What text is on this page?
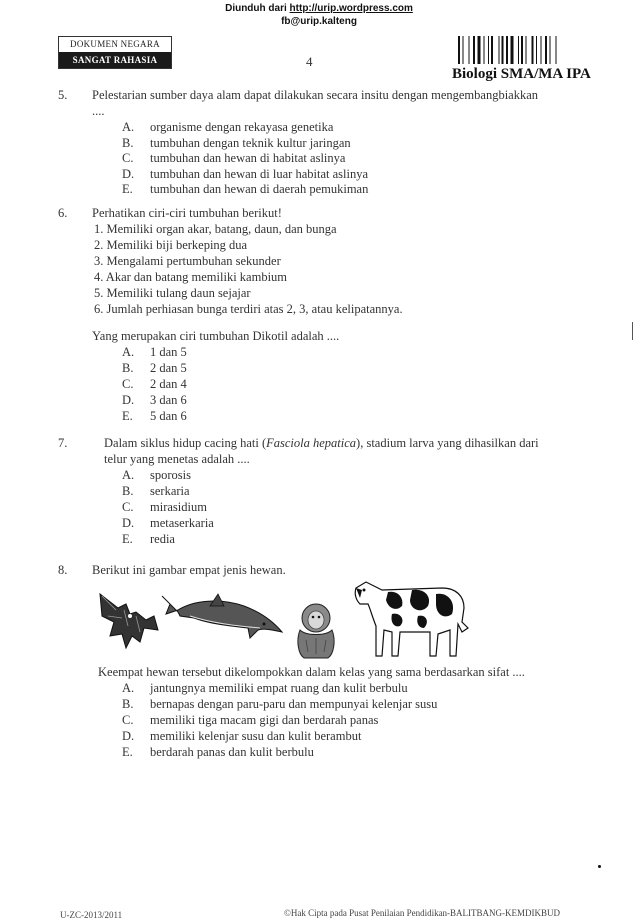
Diunduh dari http://urip.wordpress.com
fb@urip.kalteng
DOKUMEN NEGARA
SANGAT RAHASIA	4
Biologi SMA/MA IPA
5. Pelestarian sumber daya alam dapat dilakukan secara insitu dengan mengembangbiakkan
....
A. organisme dengan rekayasa genetika
B. tumbuhan dengan teknik kultur jaringan
C. tumbuhan dan hewan di habitat aslinya
D. tumbuhan dan hewan di luar habitat aslinya
E. tumbuhan dan hewan di daerah pemukiman
6. Perhatikan ciri-ciri tumbuhan berikut!
1. Memiliki organ akar, batang, daun, dan bunga
2. Memiliki biji berkeping dua
3. Mengalami pertumbuhan sekunder
4. Akar dan batang memiliki kambium
5. Memiliki tulang daun sejajar
6. Jumlah perhiasan bunga terdiri atas 2, 3, atau kelipatannya.
Yang merupakan ciri tumbuhan Dikotil adalah ....
A. 1 dan 5
B. 2 dan 5
C. 2 dan 4
D. 3 dan 6
E. 5 dan 6
7.	Dalam siklus hidup cacing hati (Fasciola hepatica), stadium larva yang dihasilkan dari
telur yang menetas adalah ....
A. sporosis
B. serkaria
C. mirasidium
D. metaserkaria
E. redia
8. Berikut ini gambar empat jenis hewan.
Keempat hewan tersebut dikelompokkan dalam kelas yang sama berdasarkan sifat ....
A. jantungnya memiliki empat ruang dan kulit berbulu
B. bernapas dengan paru-paru dan mempunyai kelenjar susu
C. memiliki tiga macam gigi dan berdarah panas
D. memiliki kelenjar susu dan kulit berambut
E. berdarah panas dan kulit berbulu
U-ZC-2013/2011	©Hak Cipta pada Pusat Penilaian Pendidikan-BALITBANG-KEMDIKBUD
